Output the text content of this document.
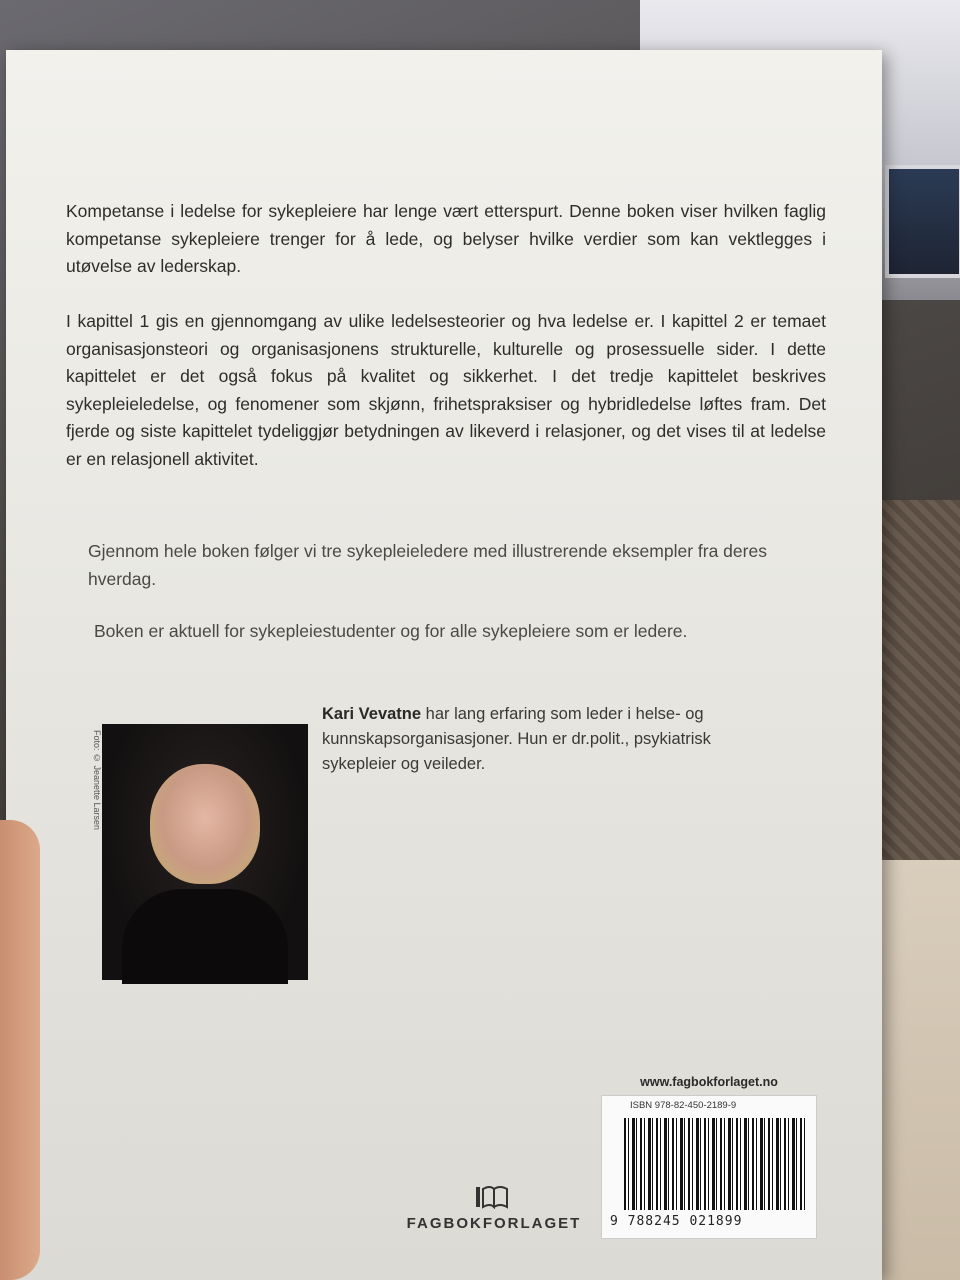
Kompetanse i ledelse for sykepleiere har lenge vært etterspurt. Denne boken viser hvilken faglig kompetanse sykepleiere trenger for å lede, og belyser hvilke verdier som kan vektlegges i utøvelse av lederskap.

I kapittel 1 gis en gjennomgang av ulike ledelsesteorier og hva ledelse er. I kapittel 2 er temaet organisasjonsteori og organisasjonens strukturelle, kulturelle og prosessuelle sider. I dette kapittelet er det også fokus på kvalitet og sikkerhet. I det tredje kapittelet beskrives sykepleieledelse, og fenomener som skjønn, frihetspraksiser og hybridledelse løftes fram. Det fjerde og siste kapittelet tydeliggjør betydningen av likeverd i relasjoner, og det vises til at ledelse er en relasjonell aktivitet.

Gjennom hele boken følger vi tre sykepleieledere med illustrerende eksempler fra deres hverdag.

Boken er aktuell for sykepleiestudenter og for alle sykepleiere som er ledere.

Foto: © Jeanette Larsen

Kari Vevatne har lang erfaring som leder i helse- og kunnskapsorganisasjoner. Hun er dr.polit., psykiatrisk sykepleier og veileder.

www.fagbokforlaget.no

ISBN 978-82-450-2189-9

9 788245 021899

FAGBOKFORLAGET
